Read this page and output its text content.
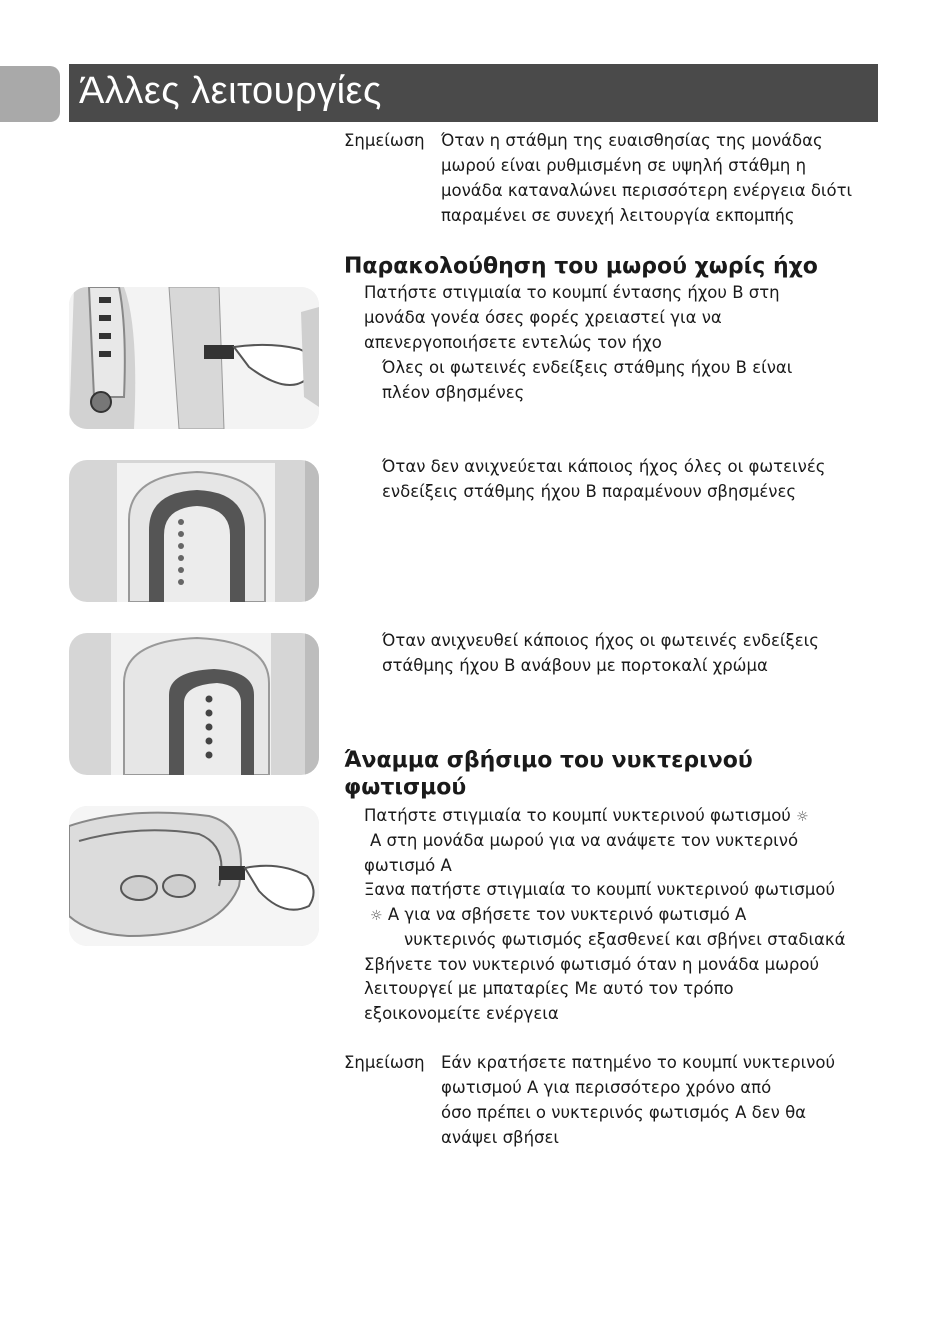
Άλλες λειτουργίες
Σημείωση Όταν η στάθμη της ευαισθησίας της μονάδας
μωρού είναι ρυθμισμένη σε υψηλή στάθμη η
μονάδα καταναλώνει περισσότερη ενέργεια διότι
παραμένει σε συνεχή λειτουργία εκπομπής
Παρακολούθηση του μωρού χωρίς ήχο
Πατήστε στιγμιαία το κουμπί έντασης ήχου B στη
μονάδα γονέα όσες φορές χρειαστεί για να
απενεργοποιήσετε εντελώς τον ήχο
Όλες οι φωτεινές ενδείξεις στάθμης ήχου B είναι
πλέον σβησμένες
Όταν δεν ανιχνεύεται κάποιος ήχος όλες οι φωτεινές
ενδείξεις στάθμης ήχου B παραμένουν σβησμένες
Όταν ανιχνευθεί κάποιος ήχος οι φωτεινές ενδείξεις
στάθμης ήχου B ανάβουν με πορτοκαλί χρώμα
Άναμμα σβήσιμο του νυκτερινού
φωτισμού
Πατήστε στιγμιαία το κουμπί νυκτερινού φωτισμού ☼
A στη μονάδα μωρού για να ανάψετε τον νυκτερινό
φωτισμό A
Ξανα πατήστε στιγμιαία το κουμπί νυκτερινού φωτισμού
☼ A για να σβήσετε τον νυκτερινό φωτισμό A
νυκτερινός φωτισμός εξασθενεί και σβήνει σταδιακά
Σβήνετε τον νυκτερινό φωτισμό όταν η μονάδα μωρού
λειτουργεί με μπαταρίες Με αυτό τον τρόπο
εξοικονομείτε ενέργεια
Σημείωση Εάν κρατήσετε πατημένο το κουμπί νυκτερινού
φωτισμού A για περισσότερο χρόνο από
όσο πρέπει ο νυκτερινός φωτισμός A δεν θα
ανάψει σβήσει
